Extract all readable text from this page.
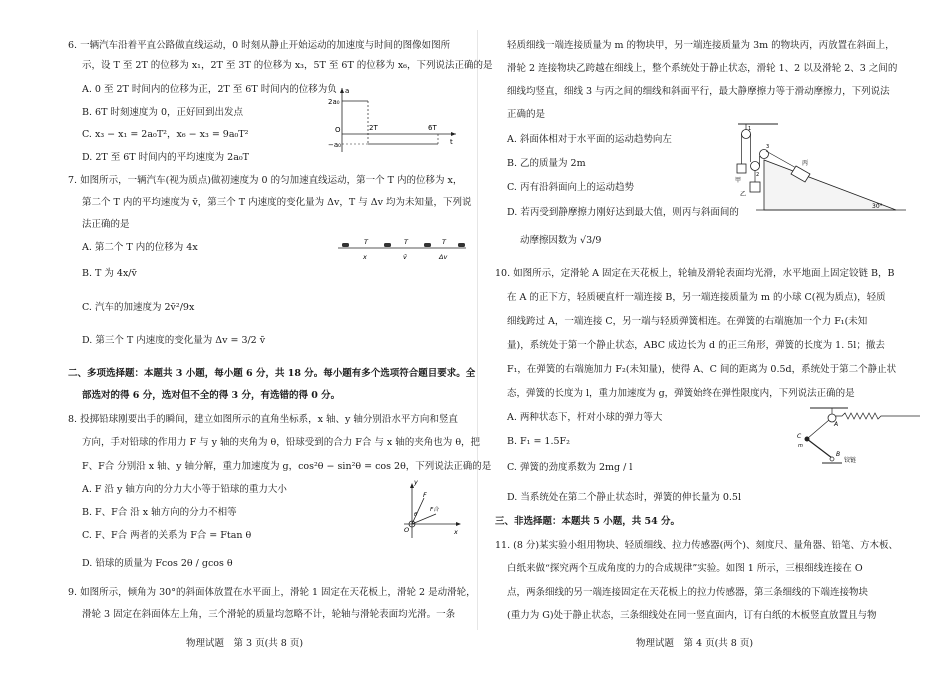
6. 一辆汽车沿着平直公路做直线运动，0 时刻从静止开始运动的加速度与时间的图像如图所
示，设 T 至 2T 的位移为 x₁，2T 至 3T 的位移为 x₃，5T 至 6T 的位移为 x₆，下列说法正确的是
A. 0 至 2T 时间内的位移为正，2T 至 6T 时间内的位移为负
B. 6T 时刻速度为 0，正好回到出发点
C. x₃ − x₁ = 2a₀T²，x₆ − x₃ = 9a₀T²
D. 2T 至 6T 时间内的平均速度为 2a₀T
2a₀
−a₀
O	2T	6T
a
t
7. 如图所示，一辆汽车(视为质点)做初速度为 0 的匀加速直线运动，第一个 T 内的位移为 x，
第二个 T 内的平均速度为 v̄，第三个 T 内速度的变化量为 Δv，T 与 Δv 均为未知量，下列说
法正确的是
A. 第二个 T 内的位移为 4x
B. T 为 4x/v̄
C. 汽车的加速度为 2v̄²/9x
D. 第三个 T 内速度的变化量为 Δv = 3/2 v̄
T	T	T
x	v̄	Δv
二、多项选择题：本题共 3 小题，每小题 6 分，共 18 分。每小题有多个选项符合题目要求。全
部选对的得 6 分，选对但不全的得 3 分，有选错的得 0 分。
8. 投掷铅球刚要出手的瞬间，建立如图所示的直角坐标系，x 轴、y 轴分别沿水平方向和竖直
方向，手对铅球的作用力 F 与 y 轴的夹角为 θ，铅球受到的合力 F合 与 x 轴的夹角也为 θ，把
F、F合 分别沿 x 轴、y 轴分解，重力加速度为 g，cos²θ − sin²θ = cos 2θ，下列说法正确的是
A. F 沿 y 轴方向的分力大小等于铅球的重力大小
B. F、F合 沿 x 轴方向的分力不相等
C. F、F合 两者的关系为 F合 = Ftan θ
D. 铅球的质量为 Fcos 2θ / gcos θ
y
x
O
F
F合
θ
9. 如图所示，倾角为 30°的斜面体放置在水平面上，滑轮 1 固定在天花板上，滑轮 2 是动滑轮，
滑轮 3 固定在斜面体左上角，三个滑轮的质量均忽略不计，轮轴与滑轮表面均光滑。一条
物理试题　第 3 页(共 8 页)
轻质细线一端连接质量为 m 的物块甲，另一端连接质量为 3m 的物块丙，丙放置在斜面上，
滑轮 2 连接物块乙跨越在细线上，整个系统处于静止状态，滑轮 1、2 以及滑轮 2、3 之间的
细线均竖直，细线 3 与丙之间的细线和斜面平行，最大静摩擦力等于滑动摩擦力，下列说法
正确的是
A. 斜面体相对于水平面的运动趋势向左
B. 乙的质量为 2m
C. 丙有沿斜面向上的运动趋势
D. 若丙受到静摩擦力刚好达到最大值，则丙与斜面间的
动摩擦因数为 √3/9
甲
乙
丙
1
2
3
30°
10. 如图所示，定滑轮 A 固定在天花板上，轮轴及滑轮表面均光滑，水平地面上固定铰链 B，B
在 A 的正下方，轻质硬直杆一端连接 B，另一端连接质量为 m 的小球 C(视为质点)，轻质
细线跨过 A，一端连接 C，另一端与轻质弹簧相连。在弹簧的右端施加一个力 F₁(未知
量)，系统处于第一个静止状态，ABC 成边长为 d 的正三角形，弹簧的长度为 1. 5l；撤去
F₁，在弹簧的右端施加力 F₂(未知量)，使得 A、C 间的距离为 0.5d，系统处于第二个静止状
态，弹簧的长度为 l，重力加速度为 g，弹簧始终在弹性限度内，下列说法正确的是
A. 两种状态下，杆对小球的弹力等大
B. F₁ = 1.5F₂
C. 弹簧的劲度系数为 2mg / l
D. 当系统处在第二个静止状态时，弹簧的伸长量为 0.5l
A
B
C
m
铰链
三、非选择题：本题共 5 小题，共 54 分。
11. (8 分)某实验小组用物块、轻质细线、拉力传感器(两个)、刻度尺、量角器、铅笔、方木板、
白纸来做“探究两个互成角度的力的合成规律”实验。如图 1 所示，三根细线连接在 O
点，两条细线的另一端连接固定在天花板上的拉力传感器，第三条细线的下端连接物块
(重力为 G)处于静止状态，三条细线处在同一竖直面内，订有白纸的木板竖直放置且与物
物理试题　第 4 页(共 8 页)
